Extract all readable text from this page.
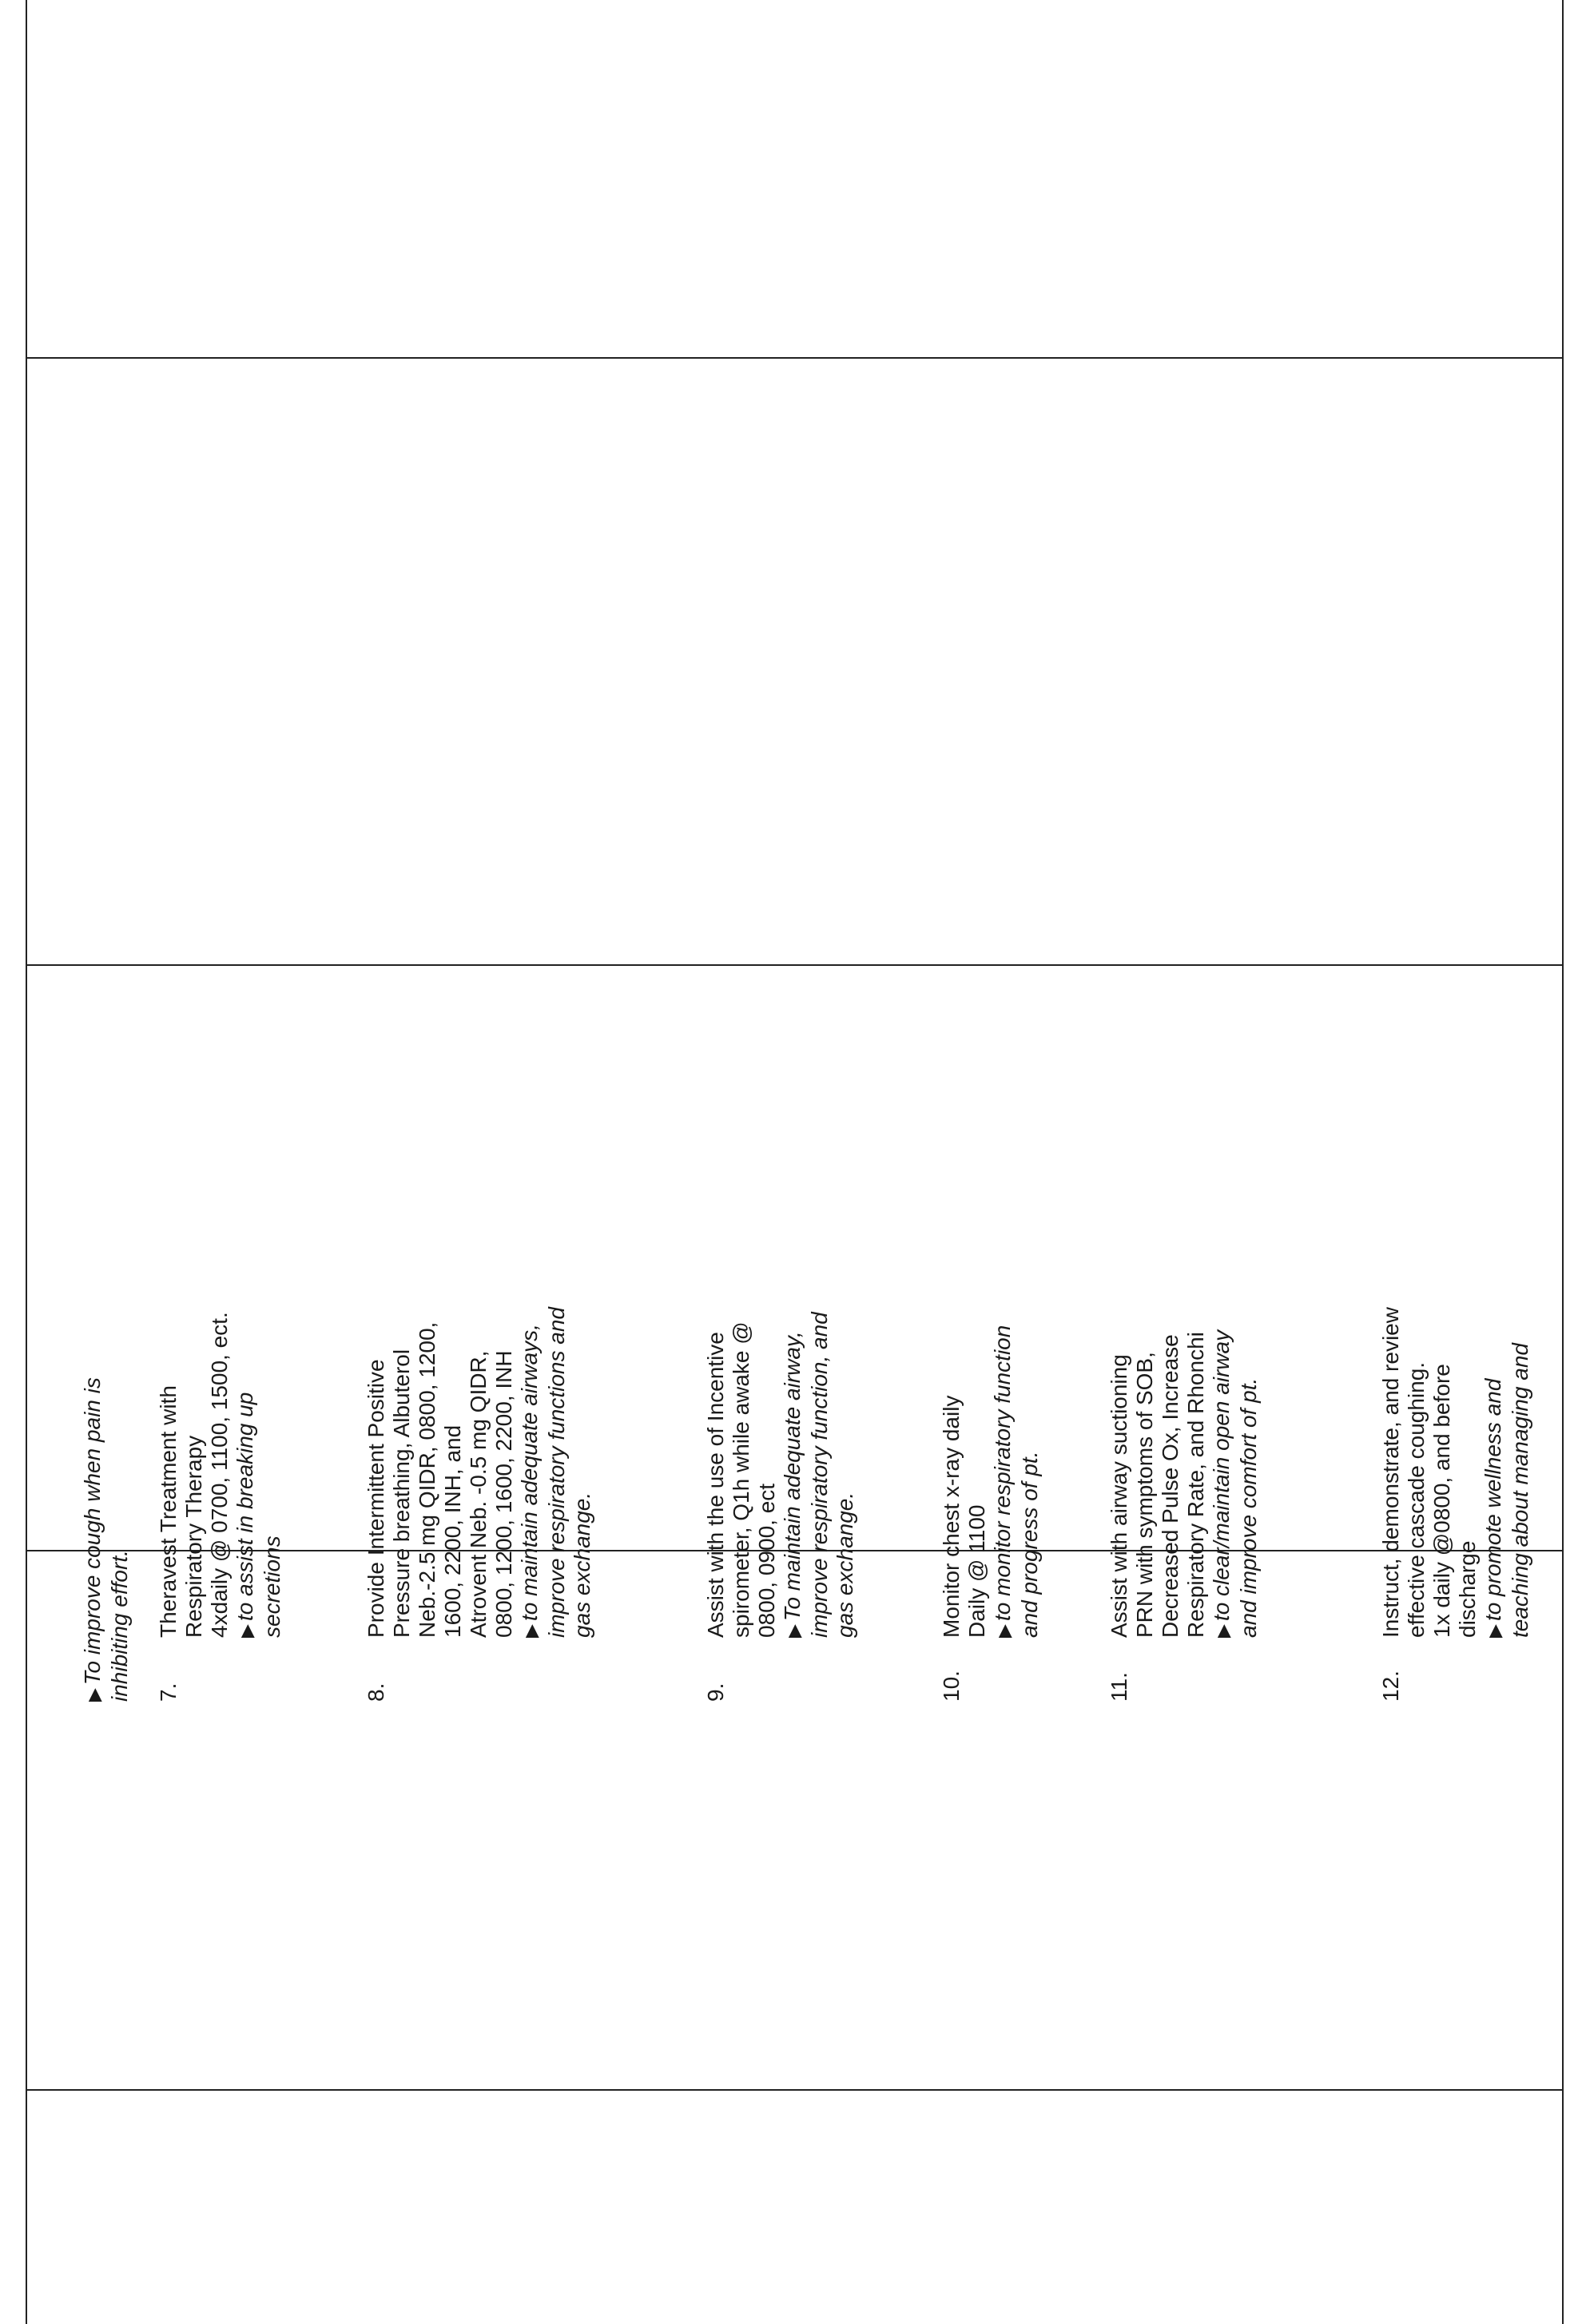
▶To improve cough when pain is inhibiting effort. 7.
Theravest Treatment with Respiratory Therapy 4xdaily @ 0700, 1100, 1500, ect. ▶to assist in breaking up secretions
8.
Provide Intermittent Positive Pressure breathing, Albuterol Neb.-2.5 mg QIDR, 0800, 1200, 1600, 2200, INH, and Atrovent Neb. -0.5 mg QIDR, 0800, 1200, 1600, 2200, INH ▶to maintain adequate airways, improve respiratory functions and gas exchange.
9.
Assist with the use of Incentive spirometer, Q1h while awake @ 0800, 0900, ect ▶To maintain adequate airway, improve respiratory function, and gas exchange.
10.
Monitor chest x-ray daily Daily @ 1100 ▶to monitor respiratory function and progress of pt.
11.
Assist with airway suctioning PRN with symptoms of SOB, Decreased Pulse Ox, Increase Respiratory Rate, and Rhonchi ▶to clear/maintain open airway and improve comfort of pt.
12.
Instruct, demonstrate, and review effective cascade coughing. 1x daily @0800, and before discharge ▶to promote wellness and teaching about managing and
